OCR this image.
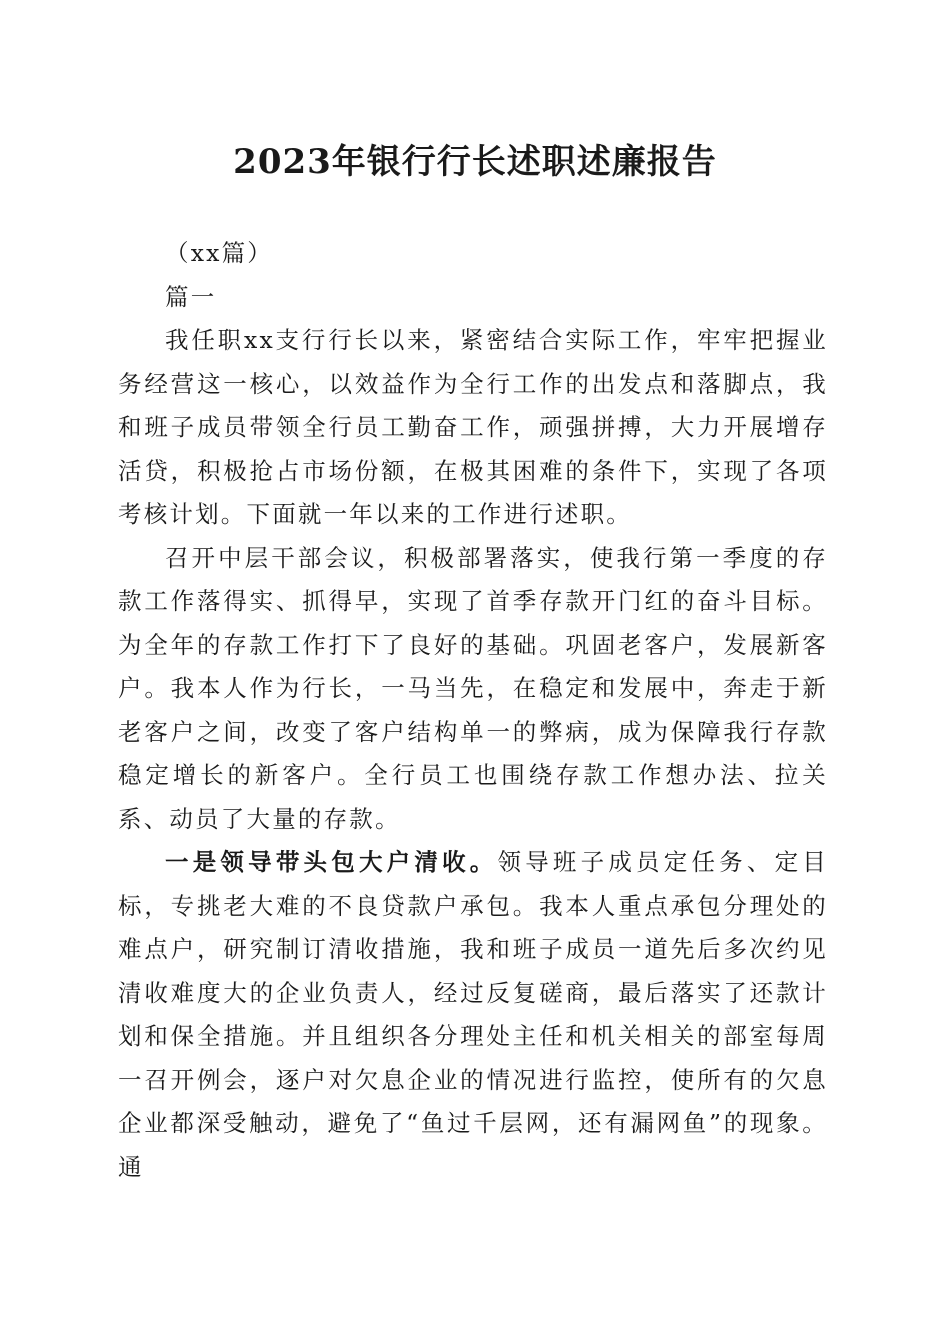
2023年银行行长述职述廉报告

（xx篇）

篇一

我任职xx支行行长以来，紧密结合实际工作，牢牢把握业务经营这一核心，以效益作为全行工作的出发点和落脚点，我和班子成员带领全行员工勤奋工作，顽强拼搏，大力开展增存活贷，积极抢占市场份额，在极其困难的条件下，实现了各项考核计划。下面就一年以来的工作进行述职。

召开中层干部会议，积极部署落实，使我行第一季度的存款工作落得实、抓得早，实现了首季存款开门红的奋斗目标。为全年的存款工作打下了良好的基础。巩固老客户，发展新客户。我本人作为行长，一马当先，在稳定和发展中，奔走于新老客户之间，改变了客户结构单一的弊病，成为保障我行存款稳定增长的新客户。全行员工也围绕存款工作想办法、拉关系、动员了大量的存款。

一是领导带头包大户清收。领导班子成员定任务、定目标，专挑老大难的不良贷款户承包。我本人重点承包分理处的难点户，研究制订清收措施，我和班子成员一道先后多次约见清收难度大的企业负责人，经过反复磋商，最后落实了还款计划和保全措施。并且组织各分理处主任和机关相关的部室每周一召开例会，逐户对欠息企业的情况进行监控，使所有的欠息企业都深受触动，避免了“鱼过千层网，还有漏网鱼”的现象。通
